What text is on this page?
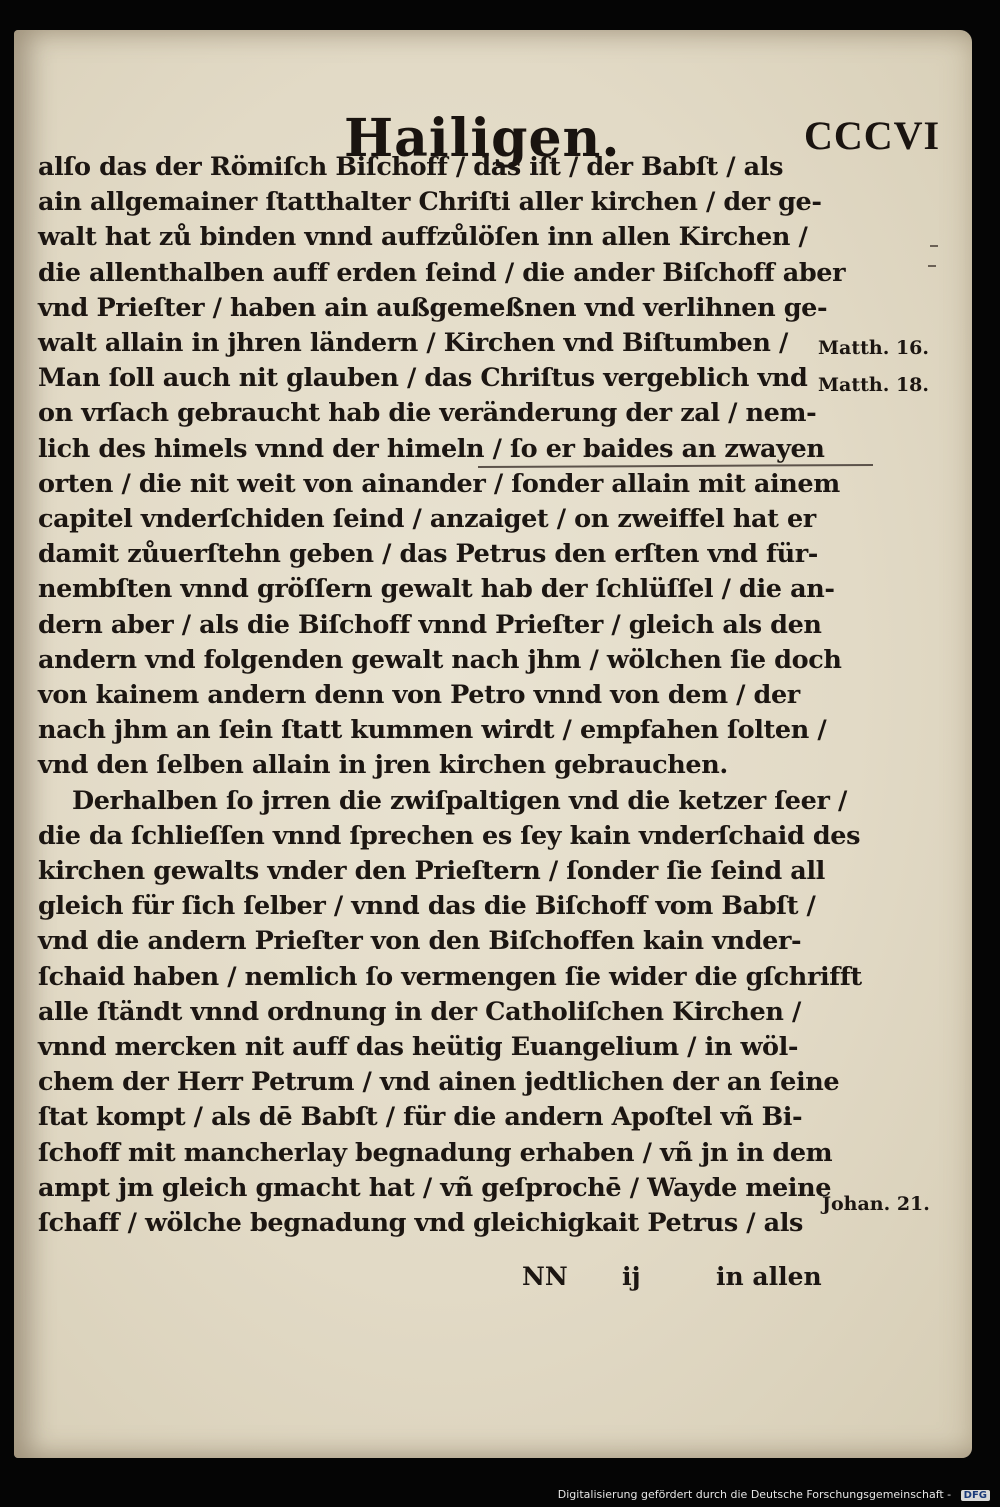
Hailigen.	CCCVI
alſo das der Römiſch Biſchoff / das iſt / der Babſt / als
ain allgemainer ſtatthalter Chriſti aller kirchen / der ge-
walt hat zů binden vnnd auffzůlöſen inn allen Kirchen /
die allenthalben auff erden ſeind / die ander Biſchoff aber
vnd Prieſter / haben ain außgemeßnen vnd verlihnen ge-
walt allain in jhren ländern / Kirchen vnd Biſtumben /
Man ſoll auch nit glauben / das Chriſtus vergeblich vnd
on vrſach gebraucht hab die veränderung der zal / nem-
lich des himels vnnd der himeln / ſo er baides an zwayen
orten / die nit weit von ainander / ſonder allain mit ainem
capitel vnderſchiden ſeind / anzaiget / on zweiffel hat er
damit zůuerſtehn geben / das Petrus den erſten vnd für-
nembſten vnnd gröſſern gewalt hab der ſchlüſſel / die an-
dern aber / als die Biſchoff vnnd Prieſter / gleich als den
andern vnd folgenden gewalt nach jhm / wölchen ſie doch
von kainem andern denn von Petro vnnd von dem / der
nach jhm an ſein ſtatt kummen wirdt / empfahen ſolten /
vnd den ſelben allain in jren kirchen gebrauchen.
Derhalben ſo jrren die zwiſpaltigen vnd die ketzer ſeer /
die da ſchlieſſen vnnd ſprechen es ſey kain vnderſchaid des
kirchen gewalts vnder den Prieſtern / ſonder ſie ſeind all
gleich für ſich ſelber / vnnd das die Biſchoff vom Babſt /
vnd die andern Prieſter von den Biſchoffen kain vnder-
ſchaid haben / nemlich ſo vermengen ſie wider die gſchrifft
alle ſtändt vnnd ordnung in der Catholiſchen Kirchen /
vnnd mercken nit auff das heütig Euangelium / in wöl-
chem der Herr Petrum / vnd ainen jedtlichen der an ſeine
ſtat kompt / als dē Babſt / für die andern Apoſtel vñ Bi-
ſchoff mit mancherlay begnadung erhaben / vñ jn in dem
ampt jm gleich gmacht hat / vñ geſprochē / Wayde meine
ſchaff / wölche begnadung vnd gleichigkait Petrus / als
Matth. 16.
Matth. 18.
Johan. 21.
NN ij	in allen
Digitalisierung gefördert durch die Deutsche Forschungsgemeinschaft - DFG
